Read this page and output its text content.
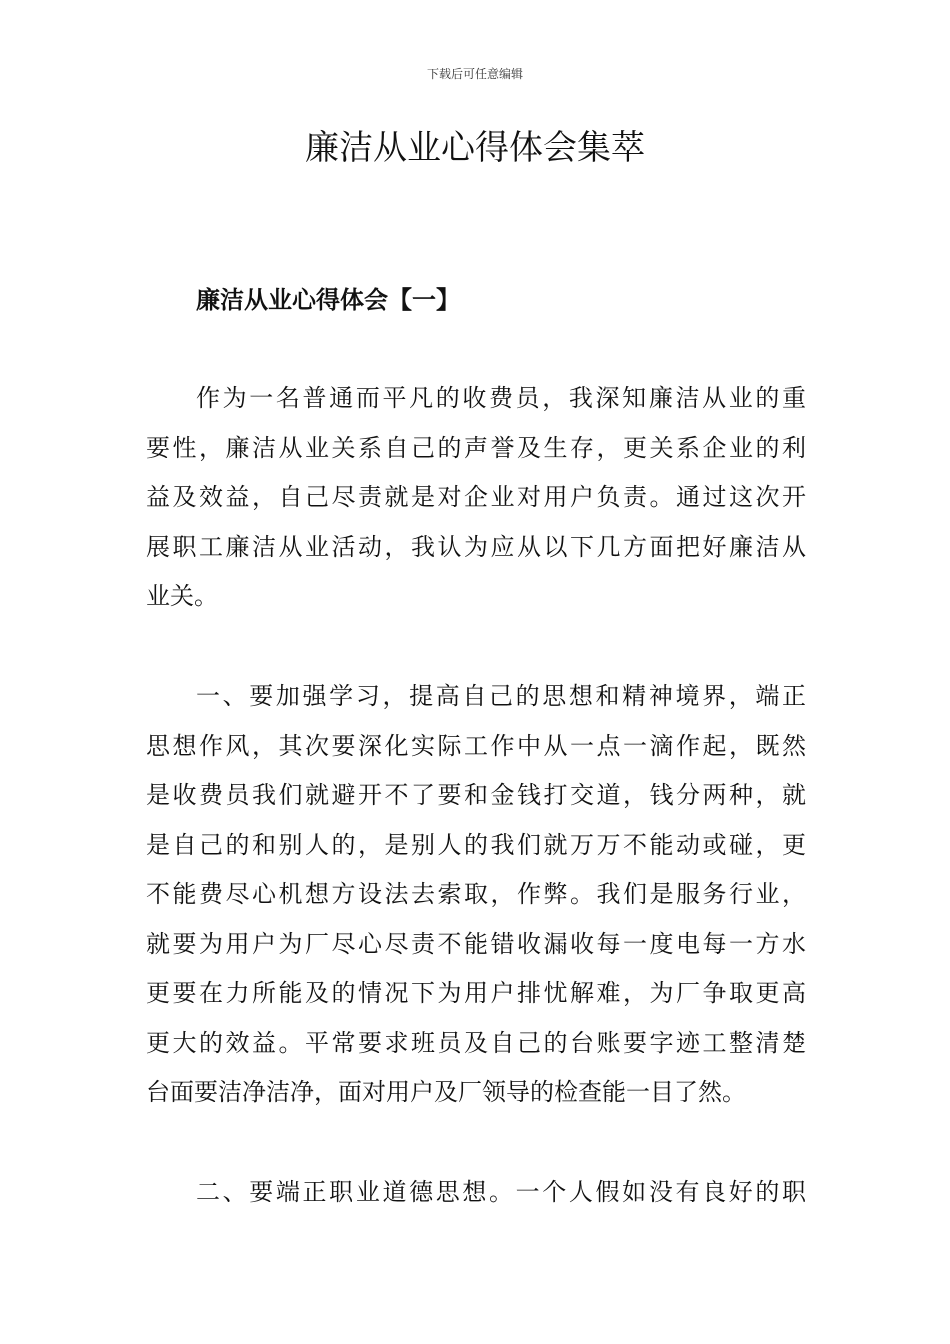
下载后可任意编辑
廉洁从业心得体会集萃
廉洁从业心得体会【一】
作为一名普通而平凡的收费员，我深知廉洁从业的重
要性，廉洁从业关系自己的声誉及生存，更关系企业的利
益及效益，自己尽责就是对企业对用户负责。通过这次开
展职工廉洁从业活动，我认为应从以下几方面把好廉洁从
业关。
一、要加强学习，提高自己的思想和精神境界，端正
思想作风，其次要深化实际工作中从一点一滴作起，既然
是收费员我们就避开不了要和金钱打交道，钱分两种，就
是自己的和别人的，是别人的我们就万万不能动或碰，更
不能费尽心机想方设法去索取，作弊。我们是服务行业，
就要为用户为厂尽心尽责不能错收漏收每一度电每一方水
更要在力所能及的情况下为用户排忧解难，为厂争取更高
更大的效益。平常要求班员及自己的台账要字迹工整清楚
台面要洁净洁净，面对用户及厂领导的检查能一目了然。
二、要端正职业道德思想。一个人假如没有良好的职
